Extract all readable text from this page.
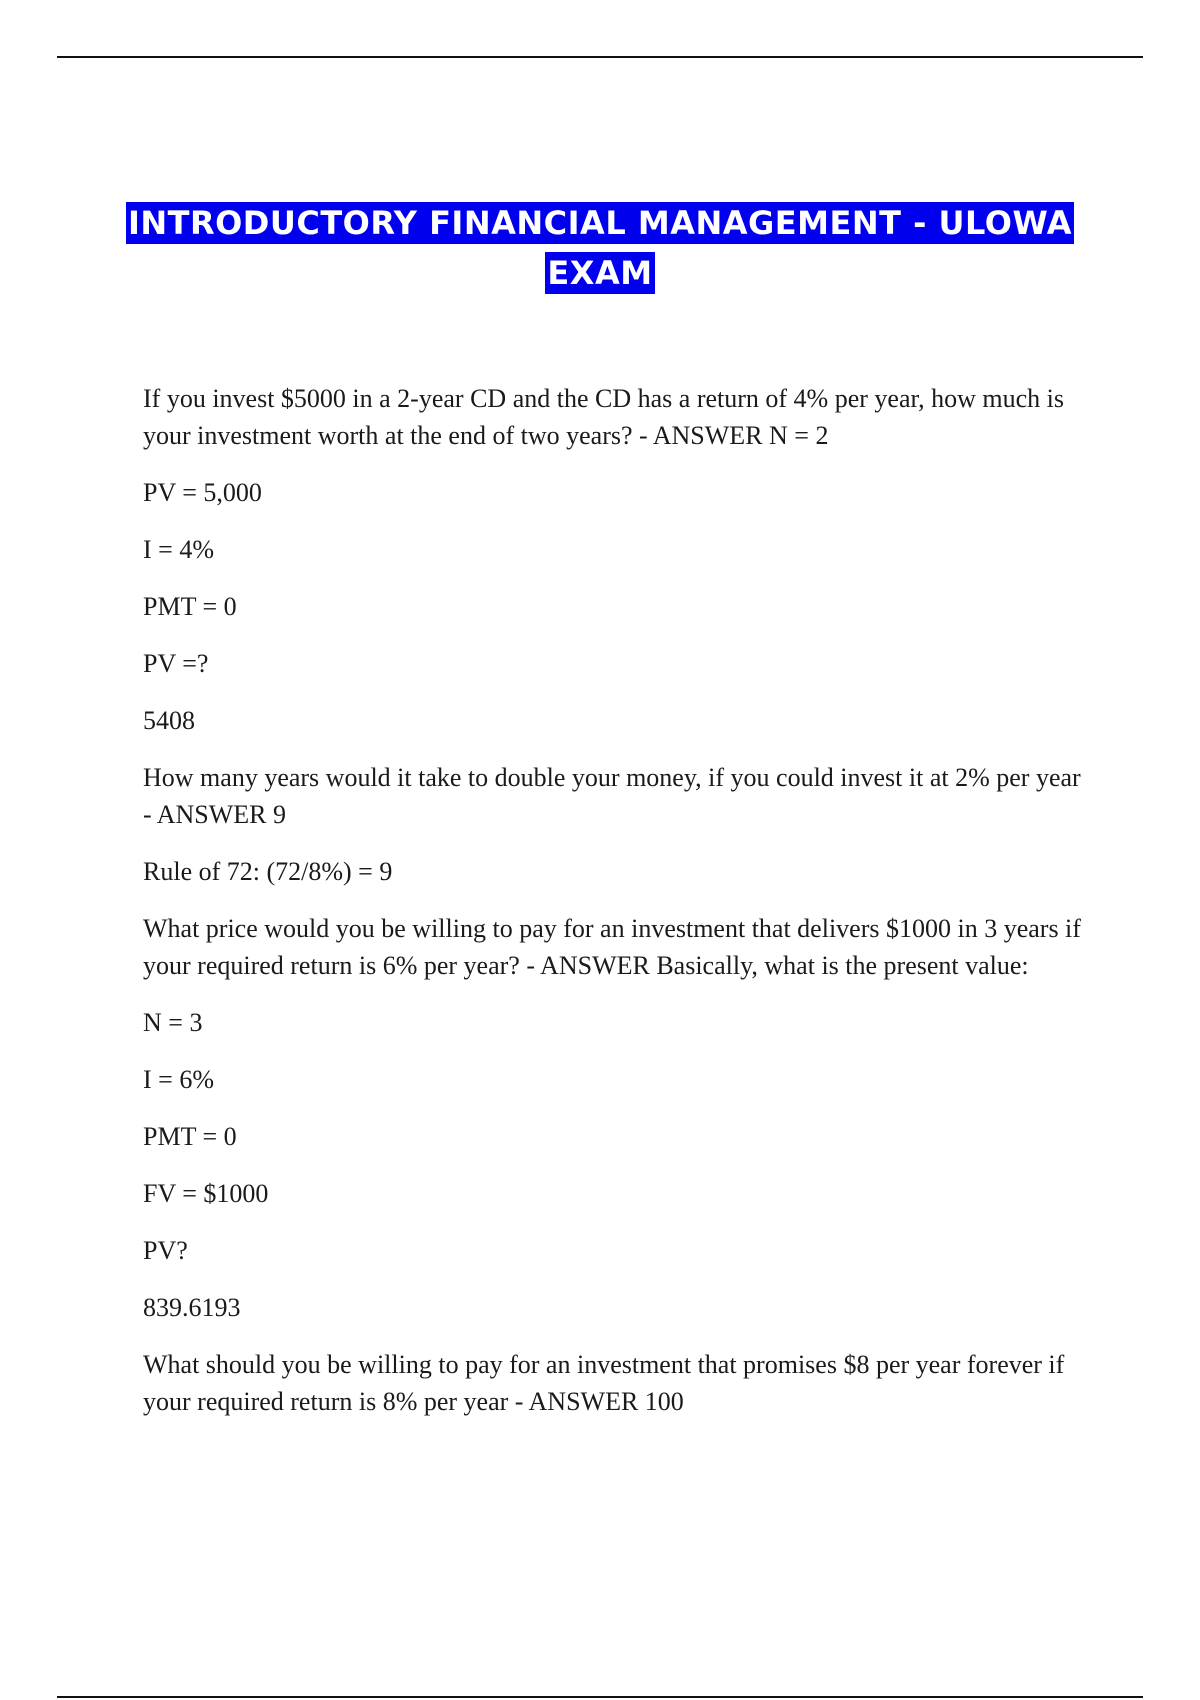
INTRODUCTORY FINANCIAL MANAGEMENT - ULOWA
EXAM

If you invest $5000 in a 2-year CD and the CD has a return of 4% per year, how much is your investment worth at the end of two years? - ANSWER N = 2

PV = 5,000

I = 4%

PMT = 0

PV =?

5408

How many years would it take to double your money, if you could invest it at 2% per year - ANSWER 9

Rule of 72: (72/8%) = 9

What price would you be willing to pay for an investment that delivers $1000 in 3 years if your required return is 6% per year? - ANSWER Basically, what is the present value:

N = 3

I = 6%

PMT = 0

FV = $1000

PV?

839.6193

What should you be willing to pay for an investment that promises $8 per year forever if your required return is 8% per year - ANSWER 100
